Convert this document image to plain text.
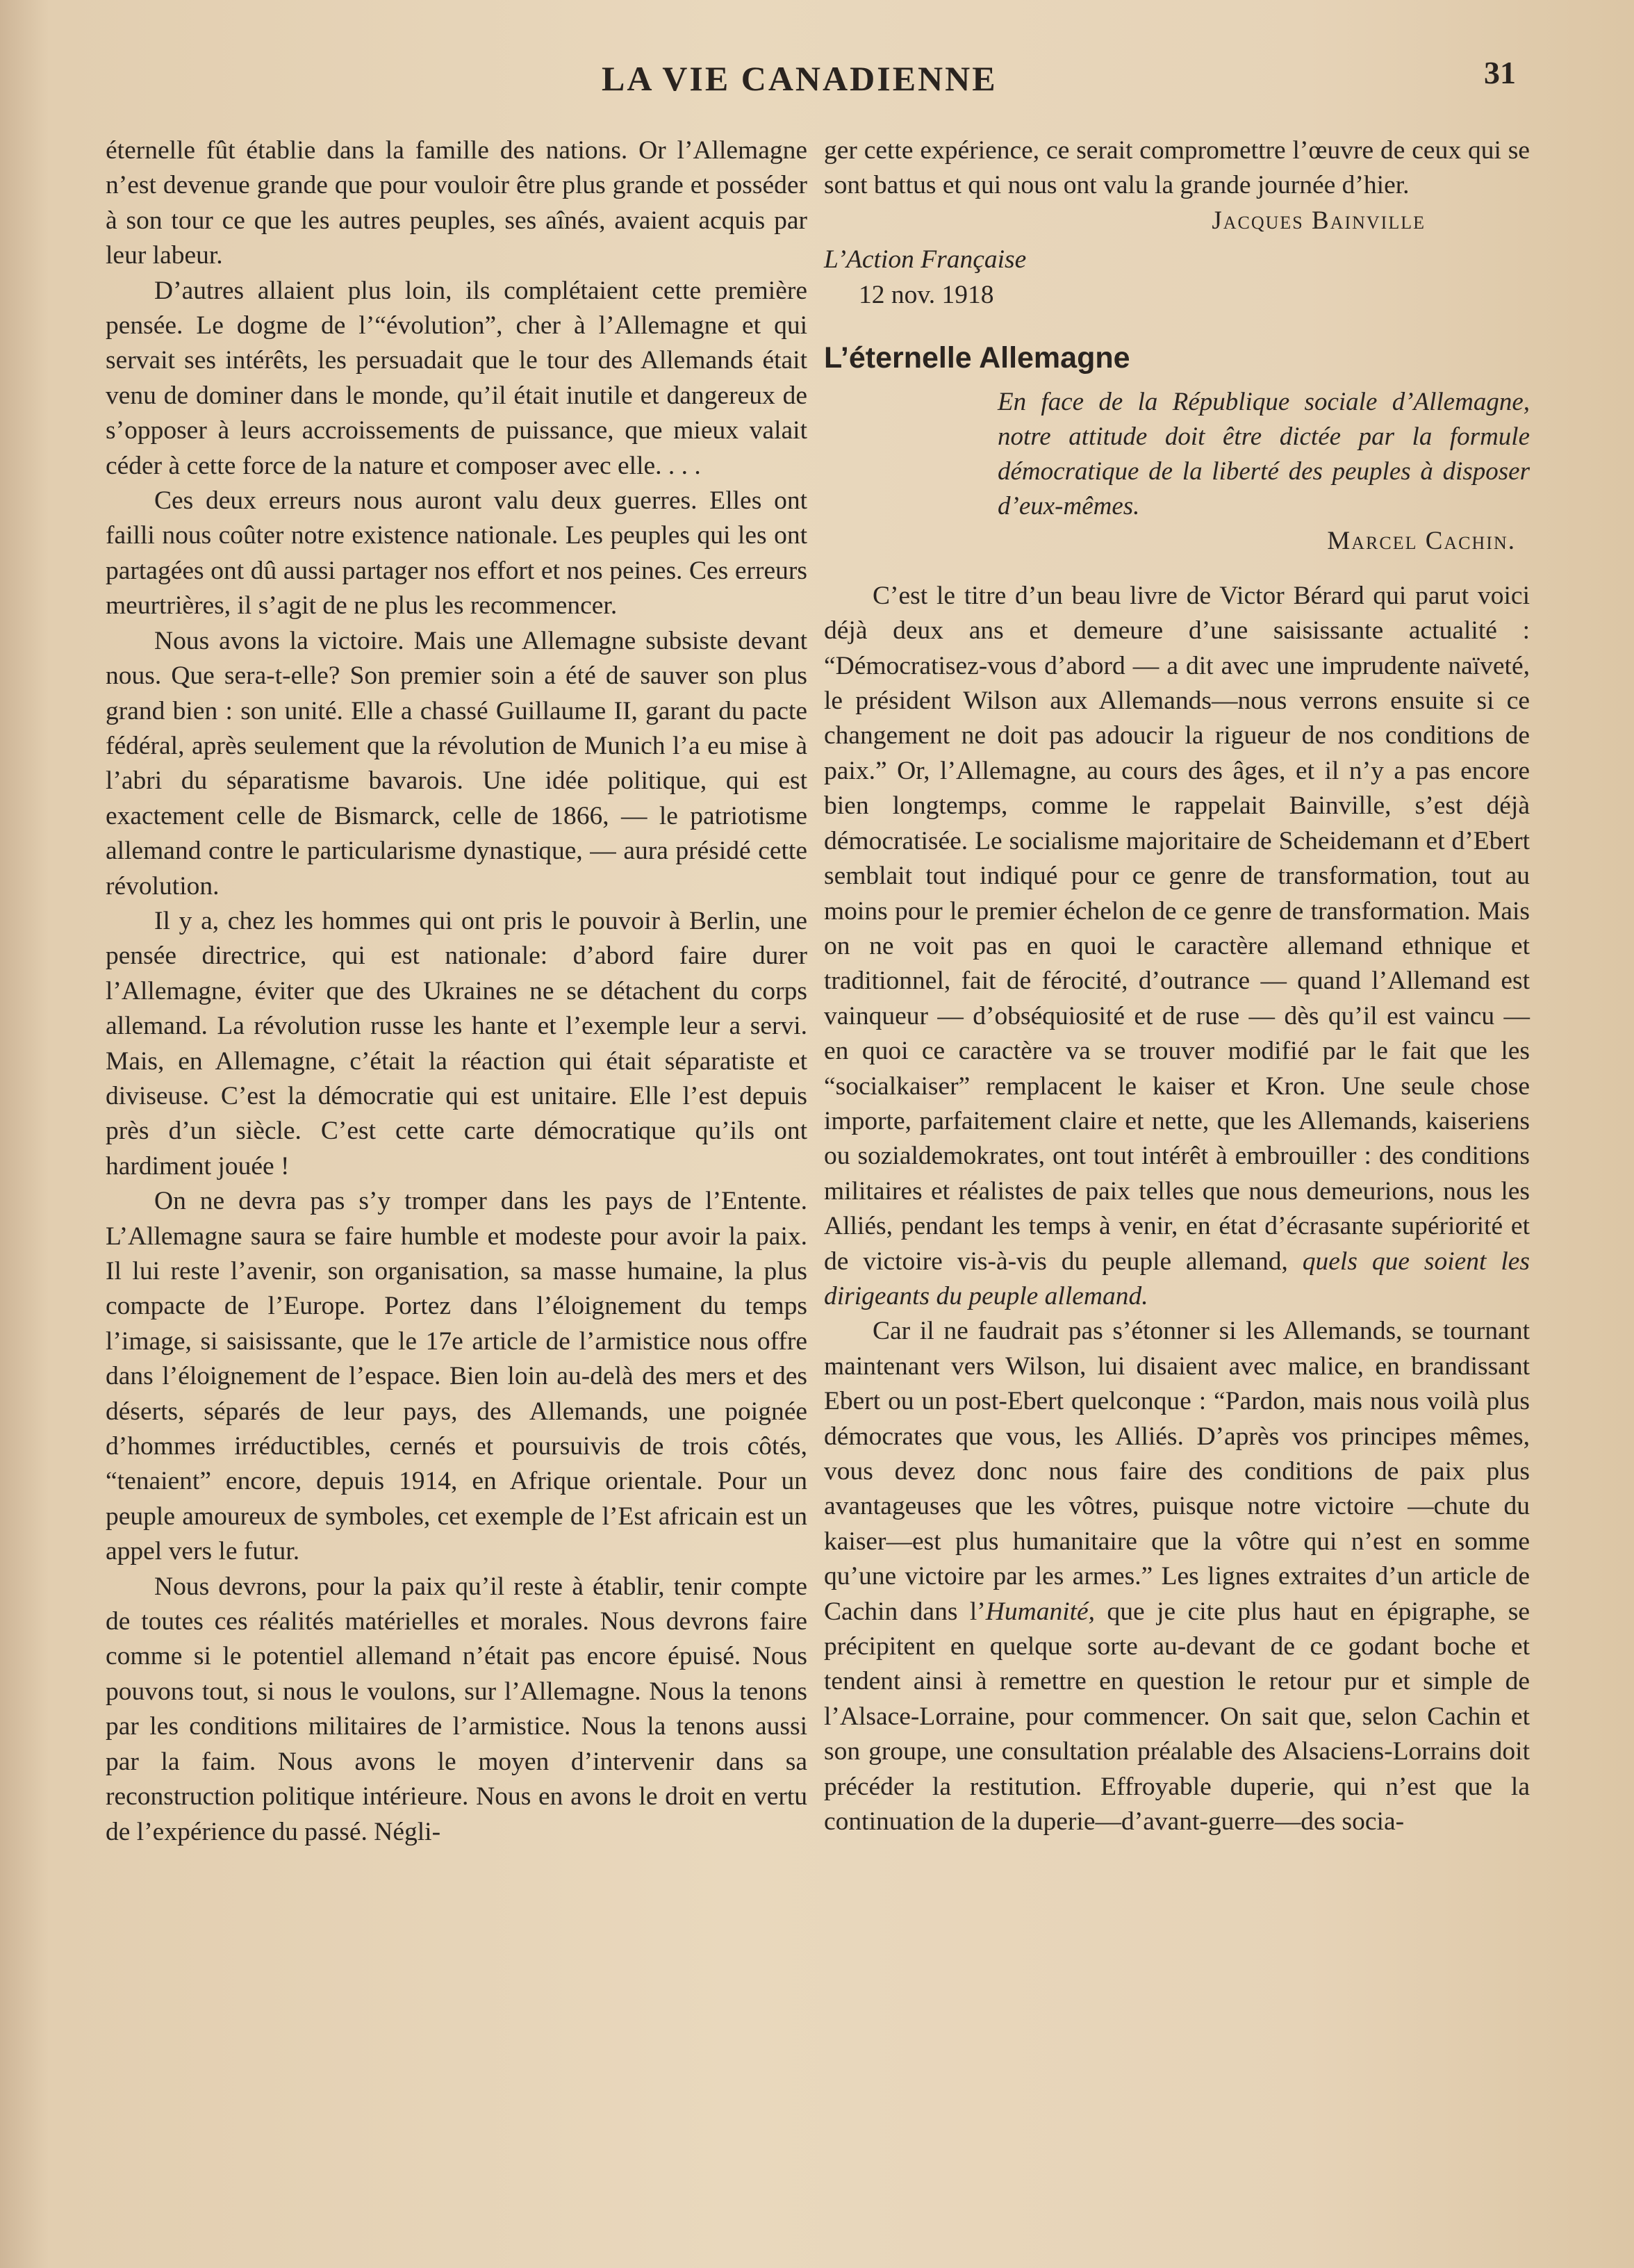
LA VIE CANADIENNE	31

éternelle fût établie dans la famille des nations. Or l’Allemagne n’est devenue grande que pour vouloir être plus grande et posséder à son tour ce que les autres peuples, ses aînés, avaient acquis par leur labeur.

D’autres allaient plus loin, ils complétaient cette première pensée. Le dogme de l’“évolution”, cher à l’Allemagne et qui servait ses intérêts, les persuadait que le tour des Allemands était venu de dominer dans le monde, qu’il était inutile et dangereux de s’opposer à leurs accroissements de puissance, que mieux valait céder à cette force de la nature et composer avec elle. . . .

Ces deux erreurs nous auront valu deux guerres. Elles ont failli nous coûter notre existence nationale. Les peuples qui les ont partagées ont dû aussi partager nos effort et nos peines. Ces erreurs meurtrières, il s’agit de ne plus les recommencer.

Nous avons la victoire. Mais une Allemagne subsiste devant nous. Que sera-t-elle? Son premier soin a été de sauver son plus grand bien : son unité. Elle a chassé Guillaume II, garant du pacte fédéral, après seulement que la révolution de Munich l’a eu mise à l’abri du séparatisme bavarois. Une idée politique, qui est exactement celle de Bismarck, celle de 1866, — le patriotisme allemand contre le particularisme dynastique, — aura présidé cette révolution.

Il y a, chez les hommes qui ont pris le pouvoir à Berlin, une pensée directrice, qui est nationale: d’abord faire durer l’Allemagne, éviter que des Ukraines ne se détachent du corps allemand. La révolution russe les hante et l’exemple leur a servi. Mais, en Allemagne, c’était la réaction qui était séparatiste et diviseuse. C’est la démocratie qui est unitaire. Elle l’est depuis près d’un siècle. C’est cette carte démocratique qu’ils ont hardiment jouée !

On ne devra pas s’y tromper dans les pays de l’Entente. L’Allemagne saura se faire humble et modeste pour avoir la paix. Il lui reste l’avenir, son organisation, sa masse humaine, la plus compacte de l’Europe. Portez dans l’éloignement du temps l’image, si saisissante, que le 17e article de l’armistice nous offre dans l’éloignement de l’espace. Bien loin au-delà des mers et des déserts, séparés de leur pays, des Allemands, une poignée d’hommes irréductibles, cernés et poursuivis de trois côtés, “tenaient” encore, depuis 1914, en Afrique orientale. Pour un peuple amoureux de symboles, cet exemple de l’Est africain est un appel vers le futur.

Nous devrons, pour la paix qu’il reste à établir, tenir compte de toutes ces réalités matérielles et morales. Nous devrons faire comme si le potentiel allemand n’était pas encore épuisé. Nous pouvons tout, si nous le voulons, sur l’Allemagne. Nous la tenons par les conditions militaires de l’armistice. Nous la tenons aussi par la faim. Nous avons le moyen d’intervenir dans sa reconstruction politique intérieure. Nous en avons le droit en vertu de l’expérience du passé. Négli-

ger cette expérience, ce serait compromettre l’œuvre de ceux qui se sont battus et qui nous ont valu la grande journée d’hier.

Jacques Bainville

L’Action Française

12 nov. 1918

L’éternelle Allemagne

En face de la République sociale d’Allemagne, notre attitude doit être dictée par la formule démocratique de la liberté des peuples à disposer d’eux-mêmes.

Marcel Cachin.

C’est le titre d’un beau livre de Victor Bérard qui parut voici déjà deux ans et demeure d’une saisissante actualité : “Démocratisez-vous d’abord — a dit avec une imprudente naïveté, le président Wilson aux Allemands—nous verrons ensuite si ce changement ne doit pas adoucir la rigueur de nos conditions de paix.” Or, l’Allemagne, au cours des âges, et il n’y a pas encore bien longtemps, comme le rappelait Bainville, s’est déjà démocratisée. Le socialisme majoritaire de Scheidemann et d’Ebert semblait tout indiqué pour ce genre de transformation, tout au moins pour le premier échelon de ce genre de transformation. Mais on ne voit pas en quoi le caractère allemand ethnique et traditionnel, fait de férocité, d’outrance — quand l’Allemand est vainqueur — d’obséquiosité et de ruse — dès qu’il est vaincu — en quoi ce caractère va se trouver modifié par le fait que les “socialkaiser” remplacent le kaiser et Kron. Une seule chose importe, parfaitement claire et nette, que les Allemands, kaiseriens ou sozialdemokrates, ont tout intérêt à embrouiller : des conditions militaires et réalistes de paix telles que nous demeurions, nous les Alliés, pendant les temps à venir, en état d’écrasante supériorité et de victoire vis-à-vis du peuple allemand, quels que soient les dirigeants du peuple allemand.

Car il ne faudrait pas s’étonner si les Allemands, se tournant maintenant vers Wilson, lui disaient avec malice, en brandissant Ebert ou un post-Ebert quelconque : “Pardon, mais nous voilà plus démocrates que vous, les Alliés. D’après vos principes mêmes, vous devez donc nous faire des conditions de paix plus avantageuses que les vôtres, puisque notre victoire —chute du kaiser—est plus humanitaire que la vôtre qui n’est en somme qu’une victoire par les armes.” Les lignes extraites d’un article de Cachin dans l’Humanité, que je cite plus haut en épigraphe, se précipitent en quelque sorte au-devant de ce godant boche et tendent ainsi à remettre en question le retour pur et simple de l’Alsace-Lorraine, pour commencer. On sait que, selon Cachin et son groupe, une consultation préalable des Alsaciens-Lorrains doit précéder la restitution. Effroyable duperie, qui n’est que la continuation de la duperie—d’avant-guerre—des socia-
